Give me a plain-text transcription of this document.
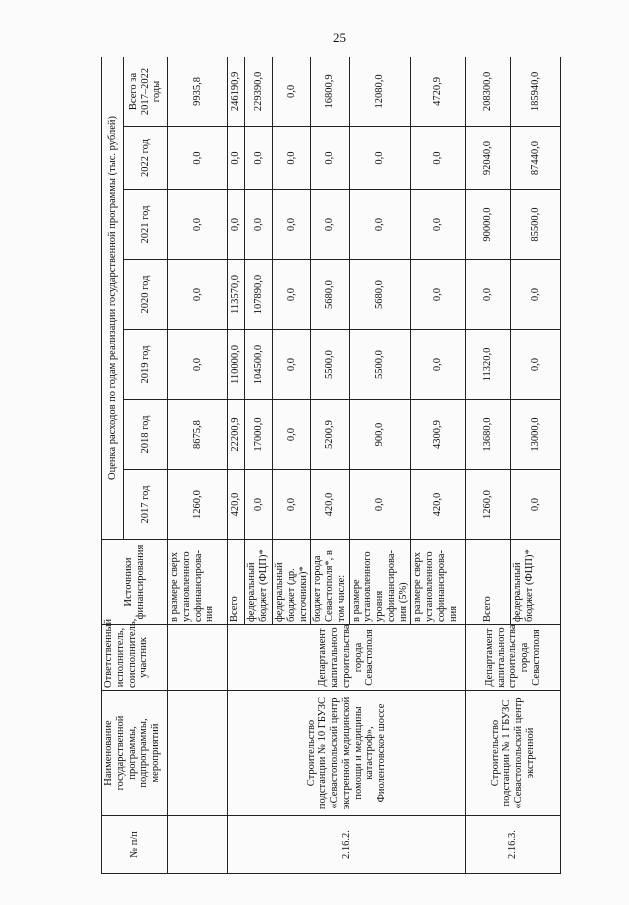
25
№ п/п	Наименование государственной программы, подпрограммы, мероприятий	Ответственный исполнитель, соисполнитель, участник	Источники финансирования	Оценка расходов по годам реализации государственной программы (тыс. рублей)						
				2017 год	2018 год	2019 год	2020 год	2021 год	2022 год	Всего за 2017–2022 годы
			в размере сверх установленного софинансирова-ния	1260,0	8675,8	0,0	0,0	0,0	0,0	9935,8
2.16.2.	Строительство подстанции № 10 ГБУЗС «Севастопольский центр экстренной медицинской помощи и медицины катастроф», Фиолентовское шоссе	Департамент капитального строительства города Севастополя	Всего	420,0	22200,9	110000,0	113570,0	0,0	0,0	246190,9
			федеральный бюджет (ФЦП)*	0,0	17000,0	104500,0	107890,0	0,0	0,0	229390,0
			федеральный бюджет (др. источники)*	0,0	0,0	0,0	0,0	0,0	0,0	0,0
			бюджет города Севастополя*, в том числе:	420,0	5200,9	5500,0	5680,0	0,0	0,0	16800,9
			в размере установленного уровня софинансирова-ния (5%)	0,0	900,0	5500,0	5680,0	0,0	0,0	12080,0
			в размере сверх установленного софинансирова-ния	420,0	4300,9	0,0	0,0	0,0	0,0	4720,9
2.16.3.	Строительство подстанции № 1 ГБУЗС «Севастопольский центр экстренной	Департамент капитального строительства города Севастополя	Всего	1260,0	13680,0	11320,0	0,0	90000,0	92040,0	208300,0
			федеральный бюджет (ФЦП)*	0,0	13000,0	0,0	0,0	85500,0	87440,0	185940,0
